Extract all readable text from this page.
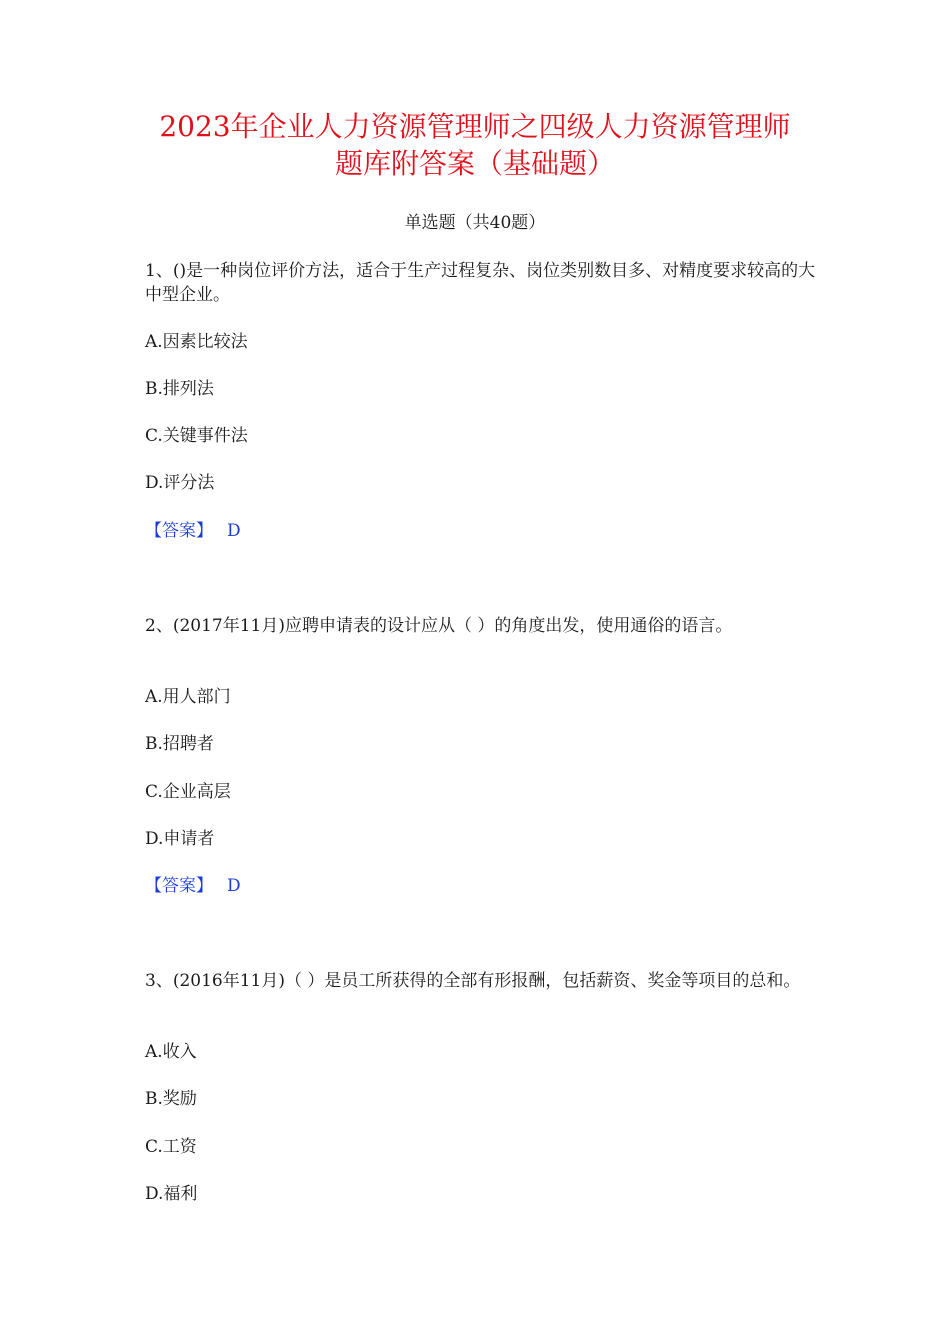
2023年企业人力资源管理师之四级人力资源管理师
题库附答案（基础题）
单选题（共40题）

1、()是一种岗位评价方法，适合于生产过程复杂、岗位类别数目多、对精度要求较高的大中型企业。

A.因素比较法

B.排列法

C.关键事件法

D.评分法

【答案】 D

2、(2017年11月)应聘申请表的设计应从（ ）的角度出发，使用通俗的语言。

A.用人部门

B.招聘者

C.企业高层

D.申请者

【答案】 D

3、(2016年11月)（ ）是员工所获得的全部有形报酬，包括薪资、奖金等项目的总和。

A.收入

B.奖励

C.工资

D.福利
